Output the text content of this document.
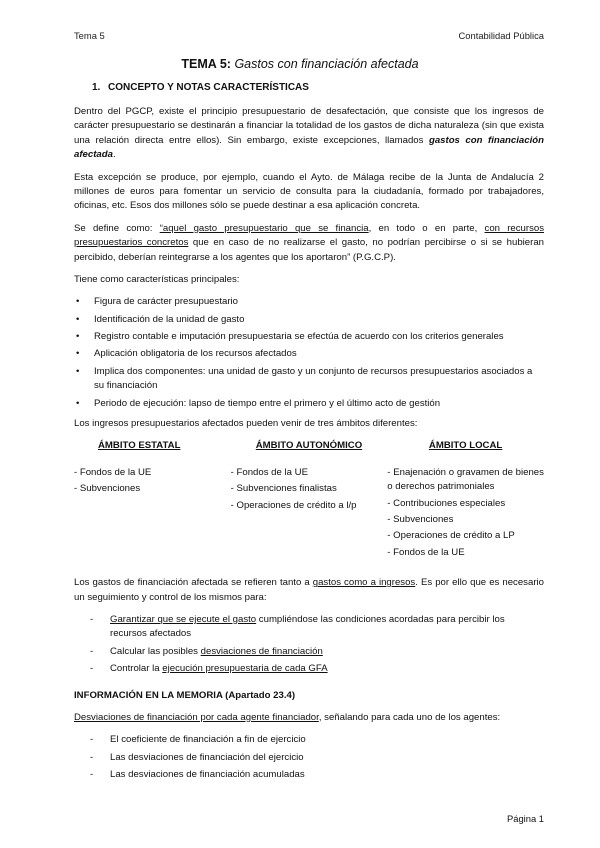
Tema 5	Contabilidad Pública
TEMA 5: Gastos con financiación afectada
1. CONCEPTO Y NOTAS CARACTERÍSTICAS

Dentro del PGCP, existe el principio presupuestario de desafectación, que consiste que los ingresos de carácter presupuestario se destinarán a financiar la totalidad de los gastos de dicha naturaleza (sin que exista una relación directa entre ellos). Sin embargo, existe excepciones, llamados gastos con financiación afectada.

Esta excepción se produce, por ejemplo, cuando el Ayto. de Málaga recibe de la Junta de Andalucía 2 millones de euros para fomentar un servicio de consulta para la ciudadanía, formado por trabajadores, oficinas, etc. Esos dos millones sólo se puede destinar a esa aplicación concreta.

Se define como: “aquel gasto presupuestario que se financia, en todo o en parte, con recursos presupuestarios concretos que en caso de no realizarse el gasto, no podrían percibirse o si se hubieran percibido, deberían reintegrarse a los agentes que los aportaron” (P.G.C.P).

Tiene como características principales:

• Figura de carácter presupuestario
• Identificación de la unidad de gasto
• Registro contable e imputación presupuestaria se efectúa de acuerdo con los criterios generales
• Aplicación obligatoria de los recursos afectados
• Implica dos componentes: una unidad de gasto y un conjunto de recursos presupuestarios asociados a su financiación
• Periodo de ejecución: lapso de tiempo entre el primero y el último acto de gestión

Los ingresos presupuestarios afectados pueden venir de tres ámbitos diferentes:

ÁMBITO ESTATAL
- Fondos de la UE
- Subvenciones
ÁMBITO AUTONÓMICO
- Fondos de la UE
- Subvenciones finalistas
- Operaciones de crédito a l/p
ÁMBITO LOCAL
- Enajenación o gravamen de bienes o derechos patrimoniales
- Contribuciones especiales
- Subvenciones
- Operaciones de crédito a LP
- Fondos de la UE

Los gastos de financiación afectada se refieren tanto a gastos como a ingresos. Es por ello que es necesario un seguimiento y control de los mismos para:

- Garantizar que se ejecute el gasto cumpliéndose las condiciones acordadas para percibir los recursos afectados
- Calcular las posibles desviaciones de financiación
- Controlar la ejecución presupuestaria de cada GFA
INFORMACIÓN EN LA MEMORIA (Apartado 23.4)

Desviaciones de financiación por cada agente financiador, señalando para cada uno de los agentes:

- El coeficiente de financiación a fin de ejercicio
- Las desviaciones de financiación del ejercicio
- Las desviaciones de financiación acumuladas
Página 1
